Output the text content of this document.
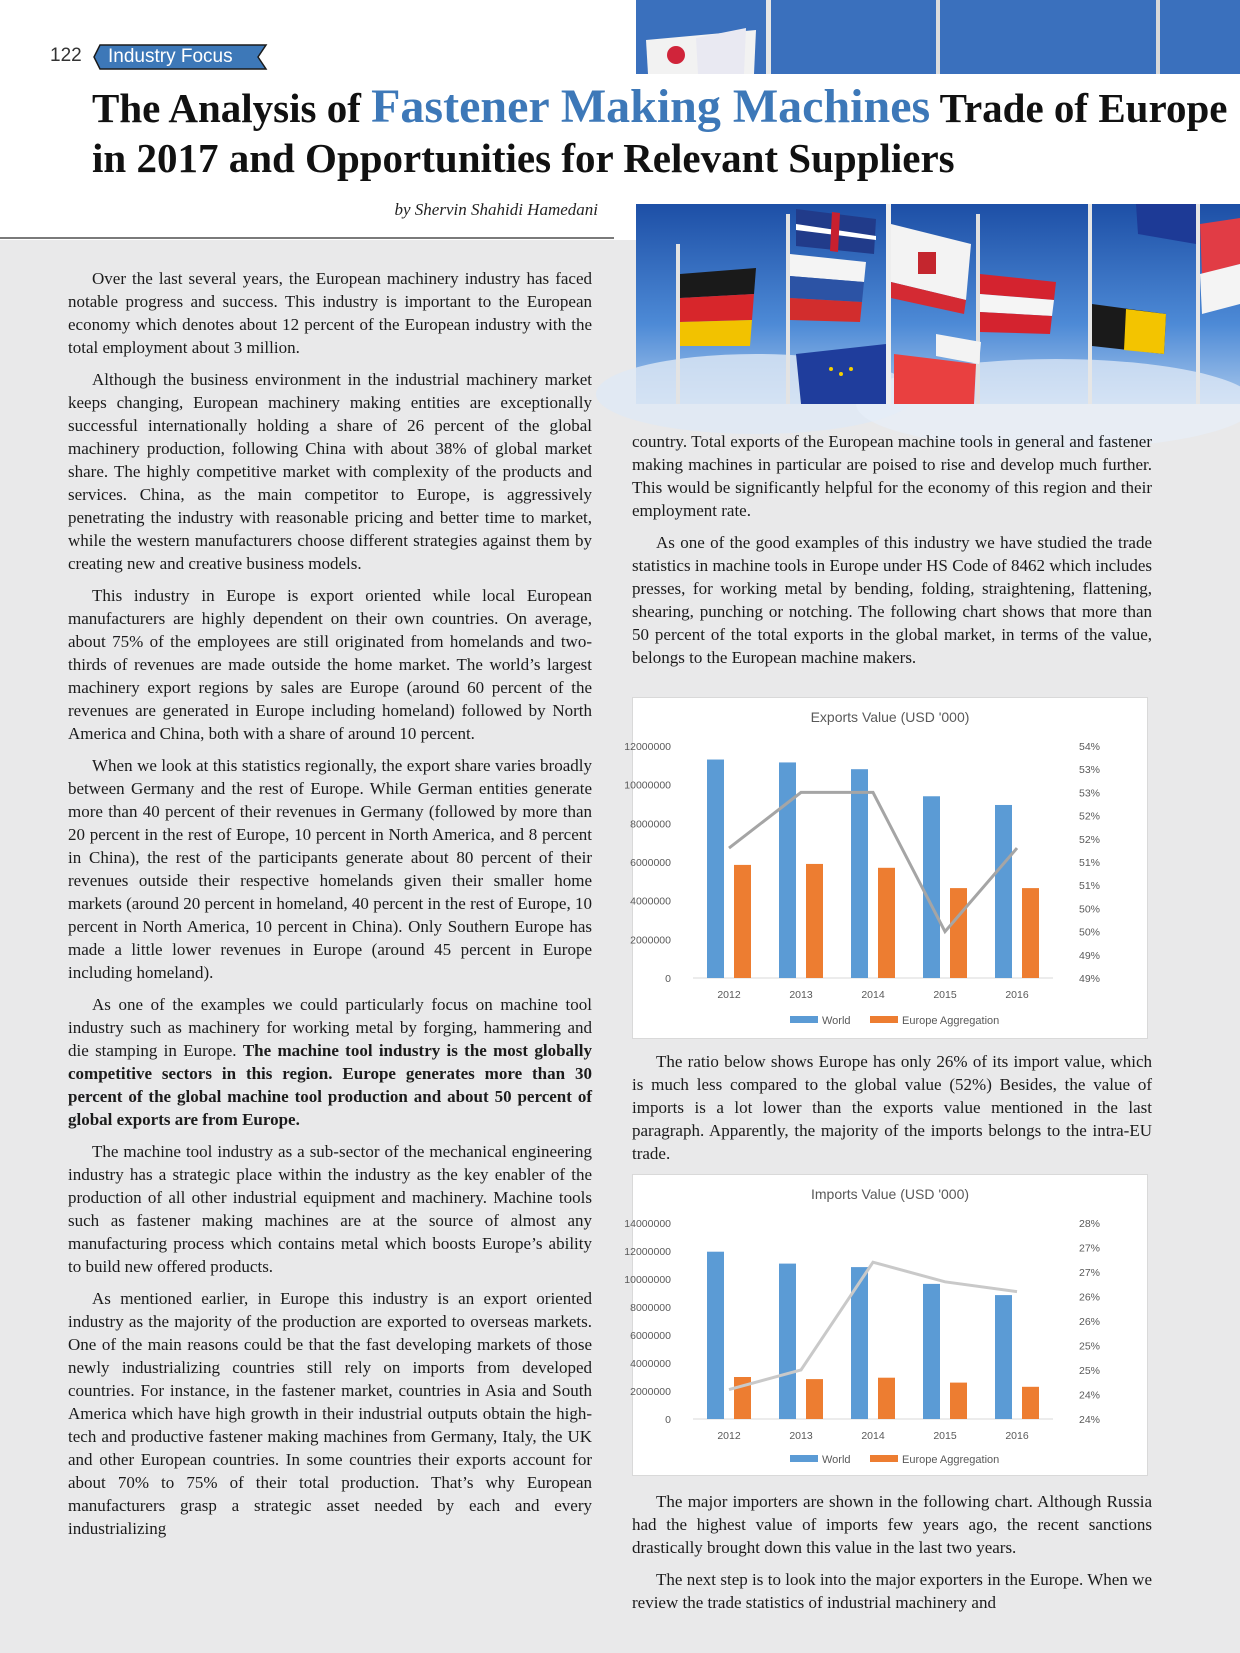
122 Industry Focus
The Analysis of Fastener Making Machines Trade of Europe in 2017 and Opportunities for Relevant Suppliers
by Shervin Shahidi Hamedani

Over the last several years, the European machinery industry has faced notable progress and success. This industry is important to the European economy which denotes about 12 percent of the European industry with the total employment about 3 million.

Although the business environment in the industrial machinery market keeps changing, European machinery making entities are exceptionally successful internationally holding a share of 26 percent of the global machinery production, following China with about 38% of global market share. The highly competitive market with complexity of the products and services. China, as the main competitor to Europe, is aggressively penetrating the industry with reasonable pricing and better time to market, while the western manufacturers choose different strategies against them by creating new and creative business models.

This industry in Europe is export oriented while local European manufacturers are highly dependent on their own countries. On average, about 75% of the employees are still originated from homelands and two-thirds of revenues are made outside the home market. The world’s largest machinery export regions by sales are Europe (around 60 percent of the revenues are generated in Europe including homeland) followed by North America and China, both with a share of around 10 percent.

When we look at this statistics regionally, the export share varies broadly between Germany and the rest of Europe. While German entities generate more than 40 percent of their revenues in Germany (followed by more than 20 percent in the rest of Europe, 10 percent in North America, and 8 percent in China), the rest of the participants generate about 80 percent of their revenues outside their respective homelands given their smaller home markets (around 20 percent in homeland, 40 percent in the rest of Europe, 10 percent in North America, 10 percent in China). Only Southern Europe has made a little lower revenues in Europe (around 45 percent in Europe including homeland).

As one of the examples we could particularly focus on machine tool industry such as machinery for working metal by forging, hammering and die stamping in Europe. The machine tool industry is the most globally competitive sectors in this region. Europe generates more than 30 percent of the global machine tool production and about 50 percent of global exports are from Europe.

The machine tool industry as a sub-sector of the mechanical engineering industry has a strategic place within the industry as the key enabler of the production of all other industrial equipment and machinery. Machine tools such as fastener making machines are at the source of almost any manufacturing process which contains metal which boosts Europe’s ability to build new offered products.

As mentioned earlier, in Europe this industry is an export oriented industry as the majority of the production are exported to overseas markets. One of the main reasons could be that the fast developing markets of those newly industrializing countries still rely on imports from developed countries. For instance, in the fastener market, countries in Asia and South America which have high growth in their industrial outputs obtain the high-tech and productive fastener making machines from Germany, Italy, the UK and other European countries. In some countries their exports account for about 70% to 75% of their total production. That’s why European manufacturers grasp a strategic asset needed by each and every industrializing

country. Total exports of the European machine tools in general and fastener making machines in particular are poised to rise and develop much further. This would be significantly helpful for the economy of this region and their employment rate.

As one of the good examples of this industry we have studied the trade statistics in machine tools in Europe under HS Code of 8462 which includes presses, for working metal by bending, folding, straightening, flattening, shearing, punching or notching. The following chart shows that more than 50 percent of the total exports in the global market, in terms of the value, belongs to the European machine makers.

Exports Value (USD '000)
0
2000000
4000000
6000000
8000000
10000000
12000000
49%
49%
50%
50%
51%
51%
52%
52%
53%
53%
54%
2012	2013	2014	2015	2016
World	Europe Aggregation

The ratio below shows Europe has only 26% of its import value, which is much less compared to the global value (52%) Besides, the value of imports is a lot lower than the exports value mentioned in the last paragraph. Apparently, the majority of the imports belongs to the intra-EU trade.

Imports Value (USD '000)
0
2000000
4000000
6000000
8000000
10000000
12000000
14000000
24%
24%
25%
25%
26%
26%
27%
27%
28%
2012	2013	2014	2015	2016
World	Europe Aggregation

The major importers are shown in the following chart. Although Russia had the highest value of imports few years ago, the recent sanctions drastically brought down this value in the last two years.

The next step is to look into the major exporters in the Europe. When we review the trade statistics of industrial machinery and
